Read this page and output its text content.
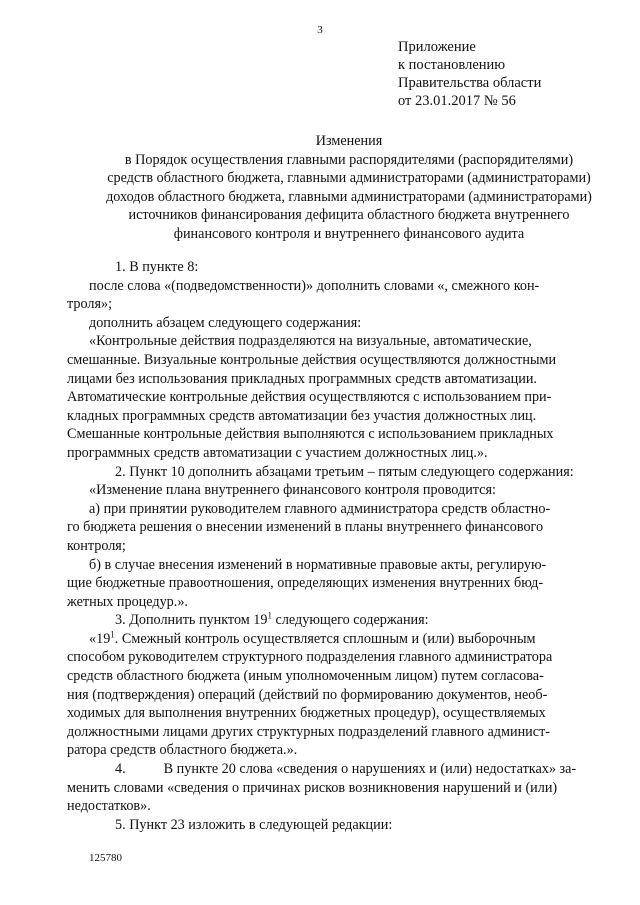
3
Приложение
к постановлению
Правительства области
от 23.01.2017 № 56
Изменения
в Порядок осуществления главными распорядителями (распорядителями)
средств областного бюджета, главными администраторами (администраторами)
доходов областного бюджета, главными администраторами (администраторами)
источников финансирования дефицита областного бюджета внутреннего
финансового контроля и внутреннего финансового аудита
1. В пункте 8:
после слова «(подведомственности)» дополнить словами «, смежного кон-
троля»;
дополнить абзацем следующего содержания:
«Контрольные действия подразделяются на визуальные, автоматические,
смешанные. Визуальные контрольные действия осуществляются должностными
лицами без использования прикладных программных средств автоматизации.
Автоматические контрольные действия осуществляются с использованием при-
кладных программных средств автоматизации без участия должностных лиц.
Смешанные контрольные действия выполняются с использованием прикладных
программных средств автоматизации с участием должностных лиц.».
2. Пункт 10 дополнить абзацами третьим – пятым следующего содержания:
«Изменение плана внутреннего финансового контроля проводится:
а) при принятии руководителем главного администратора средств областно-
го бюджета решения о внесении изменений в планы внутреннего финансового
контроля;
б) в случае внесения изменений в нормативные правовые акты, регулирую-
щие бюджетные правоотношения, определяющих изменения внутренних бюд-
жетных процедур.».
3. Дополнить пунктом $19^1$ следующего содержания:
«$19^1$. Смежный контроль осуществляется сплошным и (или) выборочным
способом руководителем структурного подразделения главного администратора
средств областного бюджета (иным уполномоченным лицом) путем согласова-
ния (подтверждения) операций (действий по формированию документов, необ-
ходимых для выполнения внутренних бюджетных процедур), осуществляемых
должностными лицами других структурных подразделений главного админист-
ратора средств областного бюджета.».
4.	В пункте 20 слова «сведения о нарушениях и (или) недостатках» за-
менить словами «сведения о причинах рисков возникновения нарушений и (или)
недостатков».
5. Пункт 23 изложить в следующей редакции:
125780
